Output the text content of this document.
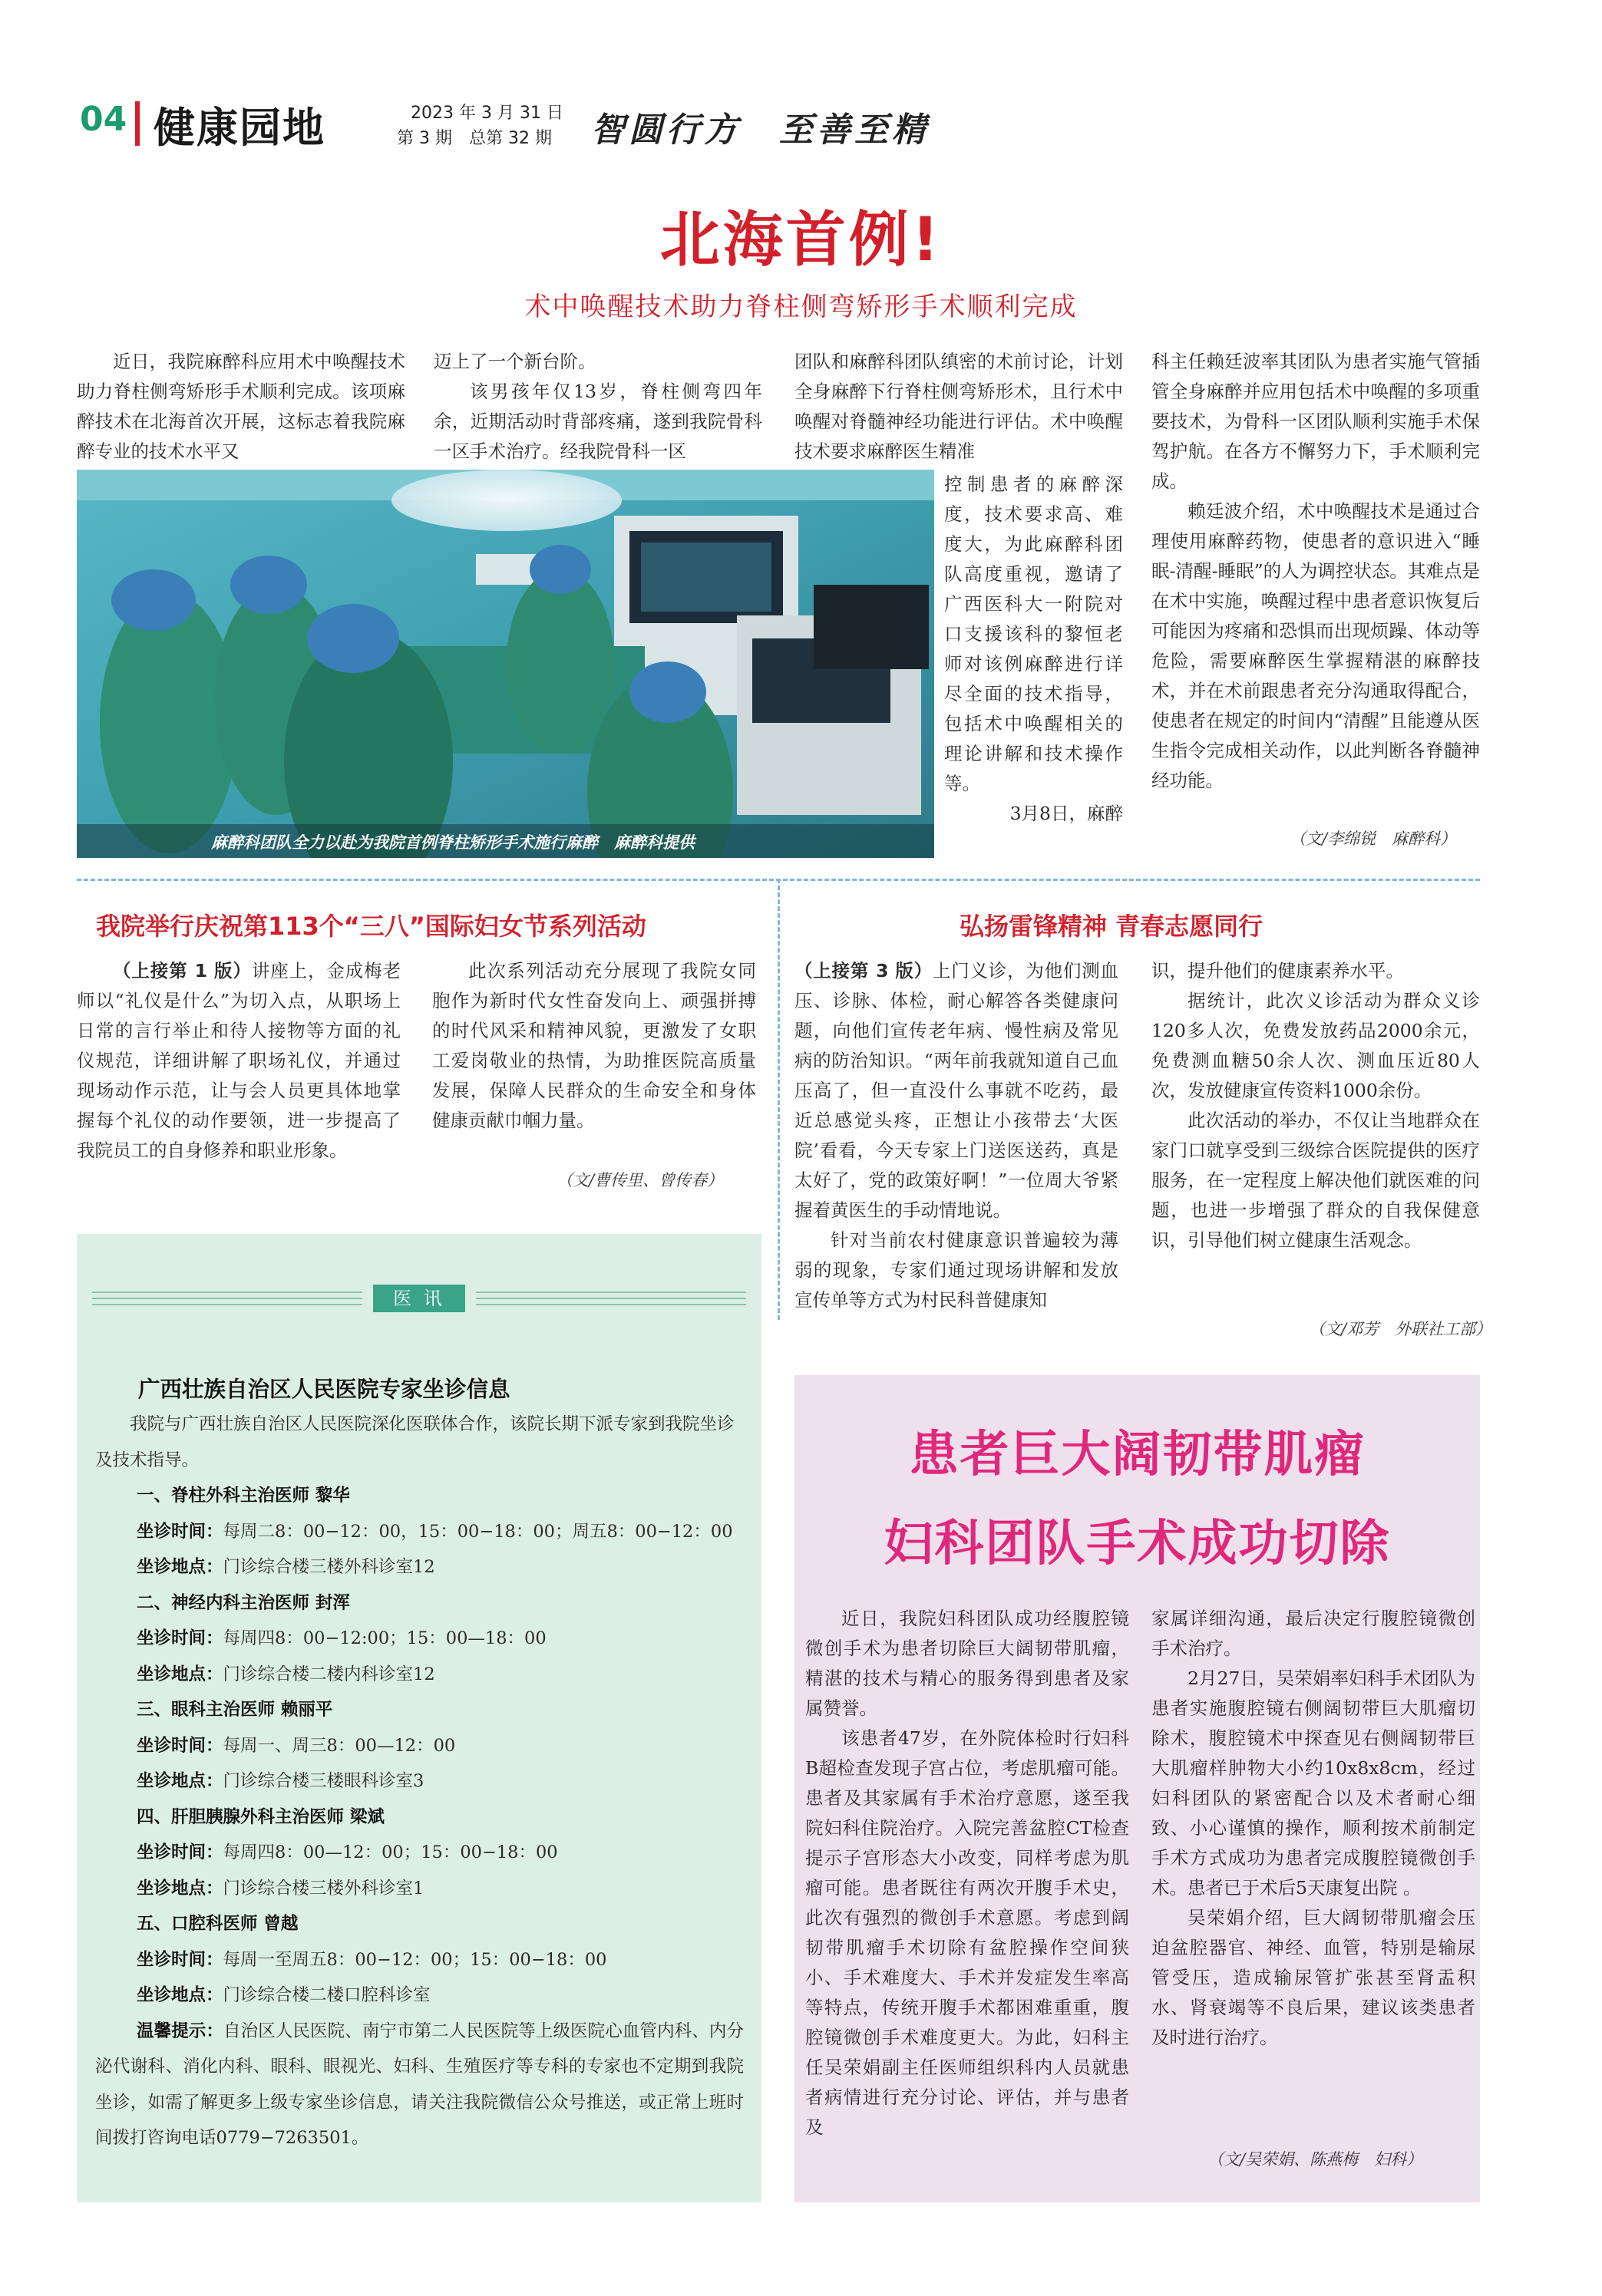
04 健康园地	2023 年 3 月 31 日
第 3 期　总第 32 期 智圆行方　至善至精
北海首例!
术中唤醒技术助力脊柱侧弯矫形手术顺利完成

近日，我院麻醉科应用术中唤醒技术助力脊柱侧弯矫形手术顺利完成。该项麻醉技术在北海首次开展，这标志着我院麻醉专业的技术水平又

迈上了一个新台阶。

该男孩年仅13岁，脊柱侧弯四年余，近期活动时背部疼痛，遂到我院骨科一区手术治疗。经我院骨科一区

团队和麻醉科团队缜密的术前讨论，计划全身麻醉下行脊柱侧弯矫形术，且行术中唤醒对脊髓神经功能进行评估。术中唤醒技术要求麻醉医生精准

麻醉科团队全力以赴为我院首例脊柱矫形手术施行麻醉　麻醉科提供

控制患者的麻醉深度，技术要求高、难度大，为此麻醉科团队高度重视，邀请了广西医科大一附院对口支援该科的黎恒老师对该例麻醉进行详尽全面的技术指导，包括术中唤醒相关的理论讲解和技术操作等。

3月8日，麻醉

科主任赖廷波率其团队为患者实施气管插管全身麻醉并应用包括术中唤醒的多项重要技术，为骨科一区团队顺利实施手术保驾护航。在各方不懈努力下，手术顺利完成。

赖廷波介绍，术中唤醒技术是通过合理使用麻醉药物，使患者的意识进入“睡眠-清醒-睡眠”的人为调控状态。其难点是在术中实施，唤醒过程中患者意识恢复后可能因为疼痛和恐惧而出现烦躁、体动等危险，需要麻醉医生掌握精湛的麻醉技术，并在术前跟患者充分沟通取得配合，使患者在规定的时间内“清醒”且能遵从医生指令完成相关动作，以此判断各脊髓神经功能。

（文/李绵锐　麻醉科）
我院举行庆祝第113个“三八”国际妇女节系列活动

（上接第 1 版）讲座上，金成梅老师以“礼仪是什么”为切入点，从职场上日常的言行举止和待人接物等方面的礼仪规范，详细讲解了职场礼仪，并通过现场动作示范，让与会人员更具体地掌握每个礼仪的动作要领，进一步提高了我院员工的自身修养和职业形象。

此次系列活动充分展现了我院女同胞作为新时代女性奋发向上、顽强拼搏的时代风采和精神风貌，更激发了女职工爱岗敬业的热情，为助推医院高质量发展，保障人民群众的生命安全和身体健康贡献巾帼力量。

（文/曹传里、曾传春）
弘扬雷锋精神 青春志愿同行

（上接第 3 版）上门义诊，为他们测血压、诊脉、体检，耐心解答各类健康问题，向他们宣传老年病、慢性病及常见病的防治知识。“两年前我就知道自己血压高了，但一直没什么事就不吃药，最近总感觉头疼，正想让小孩带去‘大医院’看看，今天专家上门送医送药，真是太好了，党的政策好啊！”一位周大爷紧握着黄医生的手动情地说。

针对当前农村健康意识普遍较为薄弱的现象，专家们通过现场讲解和发放宣传单等方式为村民科普健康知

识，提升他们的健康素养水平。

据统计，此次义诊活动为群众义诊120多人次，免费发放药品2000余元，免费测血糖50余人次、测血压近80人次，发放健康宣传资料1000余份。

此次活动的举办，不仅让当地群众在家门口就享受到三级综合医院提供的医疗服务，在一定程度上解决他们就医难的问题，也进一步增强了群众的自我保健意识，引导他们树立健康生活观念。

（文/邓芳　外联社工部）
医 讯
广西壮族自治区人民医院专家坐诊信息

我院与广西壮族自治区人民医院深化医联体合作，该院长期下派专家到我院坐诊及技术指导。

一、脊柱外科主治医师 黎华
坐诊时间：每周二8：00−12：00，15：00−18：00；周五8：00−12：00
坐诊地点：门诊综合楼三楼外科诊室12
二、神经内科主治医师 封浑
坐诊时间：每周四8：00−12:00；15：00—18：00
坐诊地点：门诊综合楼二楼内科诊室12
三、眼科主治医师 赖丽平
坐诊时间：每周一、周三8：00—12：00
坐诊地点：门诊综合楼三楼眼科诊室3
四、肝胆胰腺外科主治医师 梁斌
坐诊时间：每周四8：00—12：00；15：00−18：00
坐诊地点：门诊综合楼三楼外科诊室1
五、口腔科医师 曾越
坐诊时间：每周一至周五8：00−12：00；15：00−18：00
坐诊地点：门诊综合楼二楼口腔科诊室

温馨提示：自治区人民医院、南宁市第二人民医院等上级医院心血管内科、内分泌代谢科、消化内科、眼科、眼视光、妇科、生殖医疗等专科的专家也不定期到我院坐诊，如需了解更多上级专家坐诊信息，请关注我院微信公众号推送，或正常上班时间拨打咨询电话0779−7263501。

患者巨大阔韧带肌瘤
妇科团队手术成功切除

近日，我院妇科团队成功经腹腔镜微创手术为患者切除巨大阔韧带肌瘤，精湛的技术与精心的服务得到患者及家属赞誉。

该患者47岁，在外院体检时行妇科B超检查发现子宫占位，考虑肌瘤可能。患者及其家属有手术治疗意愿，遂至我院妇科住院治疗。入院完善盆腔CT检查提示子宫形态大小改变，同样考虑为肌瘤可能。患者既往有两次开腹手术史，此次有强烈的微创手术意愿。考虑到阔韧带肌瘤手术切除有盆腔操作空间狭小、手术难度大、手术并发症发生率高等特点，传统开腹手术都困难重重，腹腔镜微创手术难度更大。为此，妇科主任吴荣娟副主任医师组织科内人员就患者病情进行充分讨论、评估，并与患者及

家属详细沟通，最后决定行腹腔镜微创手术治疗。

2月27日，吴荣娟率妇科手术团队为患者实施腹腔镜右侧阔韧带巨大肌瘤切除术，腹腔镜术中探查见右侧阔韧带巨大肌瘤样肿物大小约10x8x8cm，经过妇科团队的紧密配合以及术者耐心细致、小心谨慎的操作，顺利按术前制定手术方式成功为患者完成腹腔镜微创手术。患者已于术后5天康复出院 。

吴荣娟介绍，巨大阔韧带肌瘤会压迫盆腔器官、神经、血管，特别是输尿管受压，造成输尿管扩张甚至肾盂积水、肾衰竭等不良后果，建议该类患者及时进行治疗。

（文/吴荣娟、陈燕梅　妇科）
